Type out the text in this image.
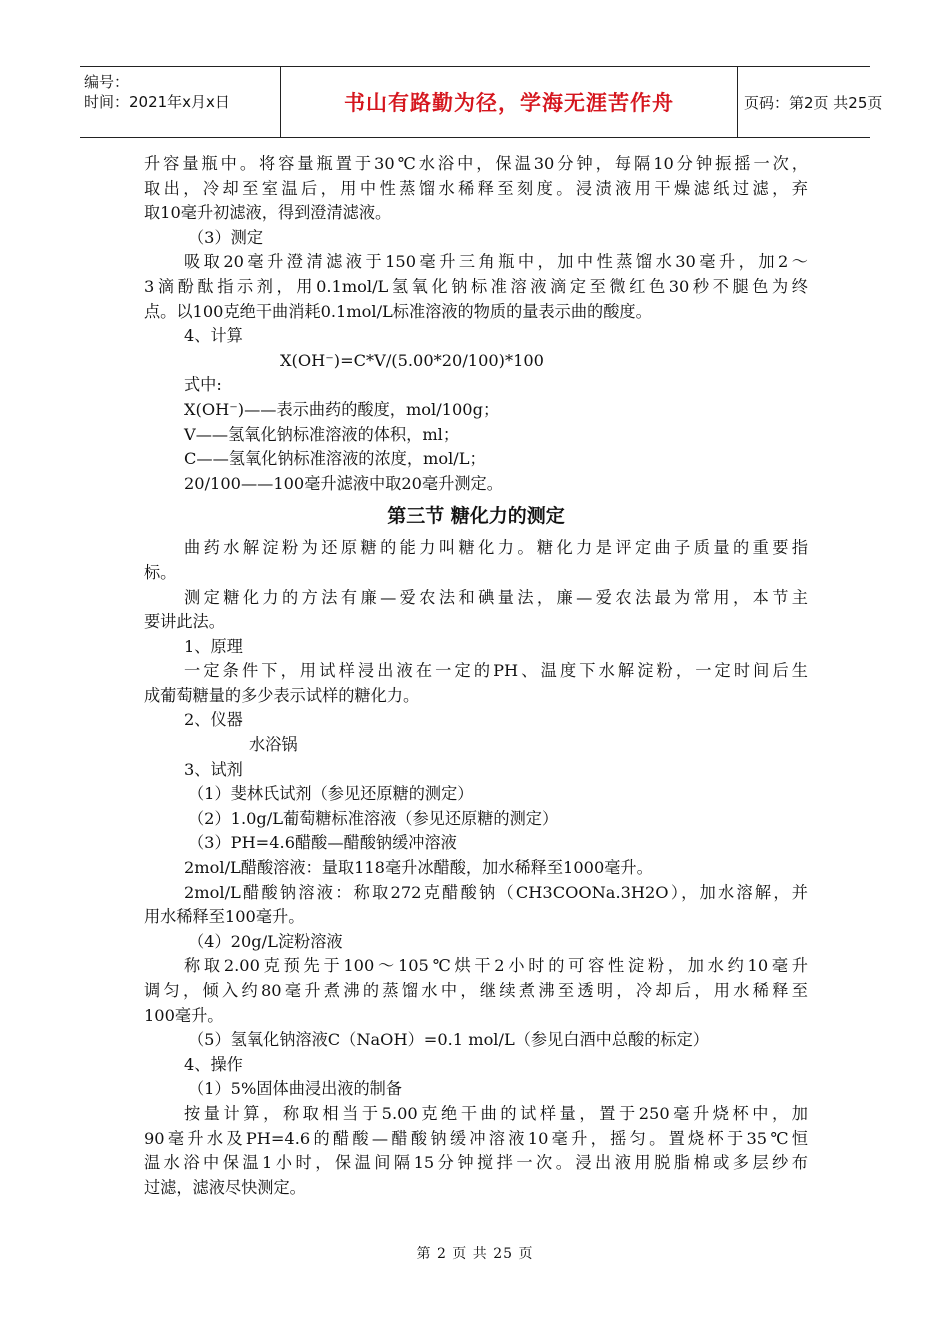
编号：
时间：2021年x月x日	书山有路勤为径，学海无涯苦作舟	页码：第2页 共25页
升容量瓶中。将容量瓶置于30℃水浴中，保温30分钟，每隔10分钟振摇一次，
取出，冷却至室温后，用中性蒸馏水稀释至刻度。浸渍液用干燥滤纸过滤，弃
取10毫升初滤液，得到澄清滤液。
（3）测定
吸取20毫升澄清滤液于150毫升三角瓶中，加中性蒸馏水30毫升，加2～
3滴酚酞指示剂，用0.1mol/L氢氧化钠标准溶液滴定至微红色30秒不腿色为终
点。以100克绝干曲消耗0.1mol/L标准溶液的物质的量表示曲的酸度。
4、计算
X(OH⁻)=C*V/(5.00*20/100)*100
式中:
X(OH⁻)——表示曲药的酸度，mol/100g；
V——氢氧化钠标准溶液的体积，ml；
C——氢氧化钠标准溶液的浓度，mol/L；
20/100——100毫升滤液中取20毫升测定。
第三节 糖化力的测定
曲药水解淀粉为还原糖的能力叫糖化力。糖化力是评定曲子质量的重要指
标。
测定糖化力的方法有廉—爱农法和碘量法，廉—爱农法最为常用，本节主
要讲此法。
1、原理
一定条件下，用试样浸出液在一定的PH、温度下水解淀粉，一定时间后生
成葡萄糖量的多少表示试样的糖化力。
2、仪器
水浴锅
3、试剂
（1）斐林氏试剂（参见还原糖的测定）
（2）1.0g/L葡萄糖标准溶液（参见还原糖的测定）
（3）PH=4.6醋酸—醋酸钠缓冲溶液
2mol/L醋酸溶液：量取118毫升冰醋酸，加水稀释至1000毫升。
2mol/L醋酸钠溶液：称取272克醋酸钠（CH3COONa.3H2O），加水溶解，并
用水稀释至100毫升。
（4）20g/L淀粉溶液
称取2.00克预先于100～105℃烘干2小时的可容性淀粉，加水约10毫升
调匀，倾入约80毫升煮沸的蒸馏水中，继续煮沸至透明，冷却后，用水稀释至
100毫升。
（5）氢氧化钠溶液C（NaOH）=0.1 mol/L（参见白酒中总酸的标定）
4、操作
（1）5%固体曲浸出液的制备
按量计算，称取相当于5.00克绝干曲的试样量，置于250毫升烧杯中，加
90毫升水及PH=4.6的醋酸—醋酸钠缓冲溶液10毫升，摇匀。置烧杯于35℃恒
温水浴中保温1小时，保温间隔15分钟搅拌一次。浸出液用脱脂棉或多层纱布
过滤，滤液尽快测定。
第 2 页 共 25 页
